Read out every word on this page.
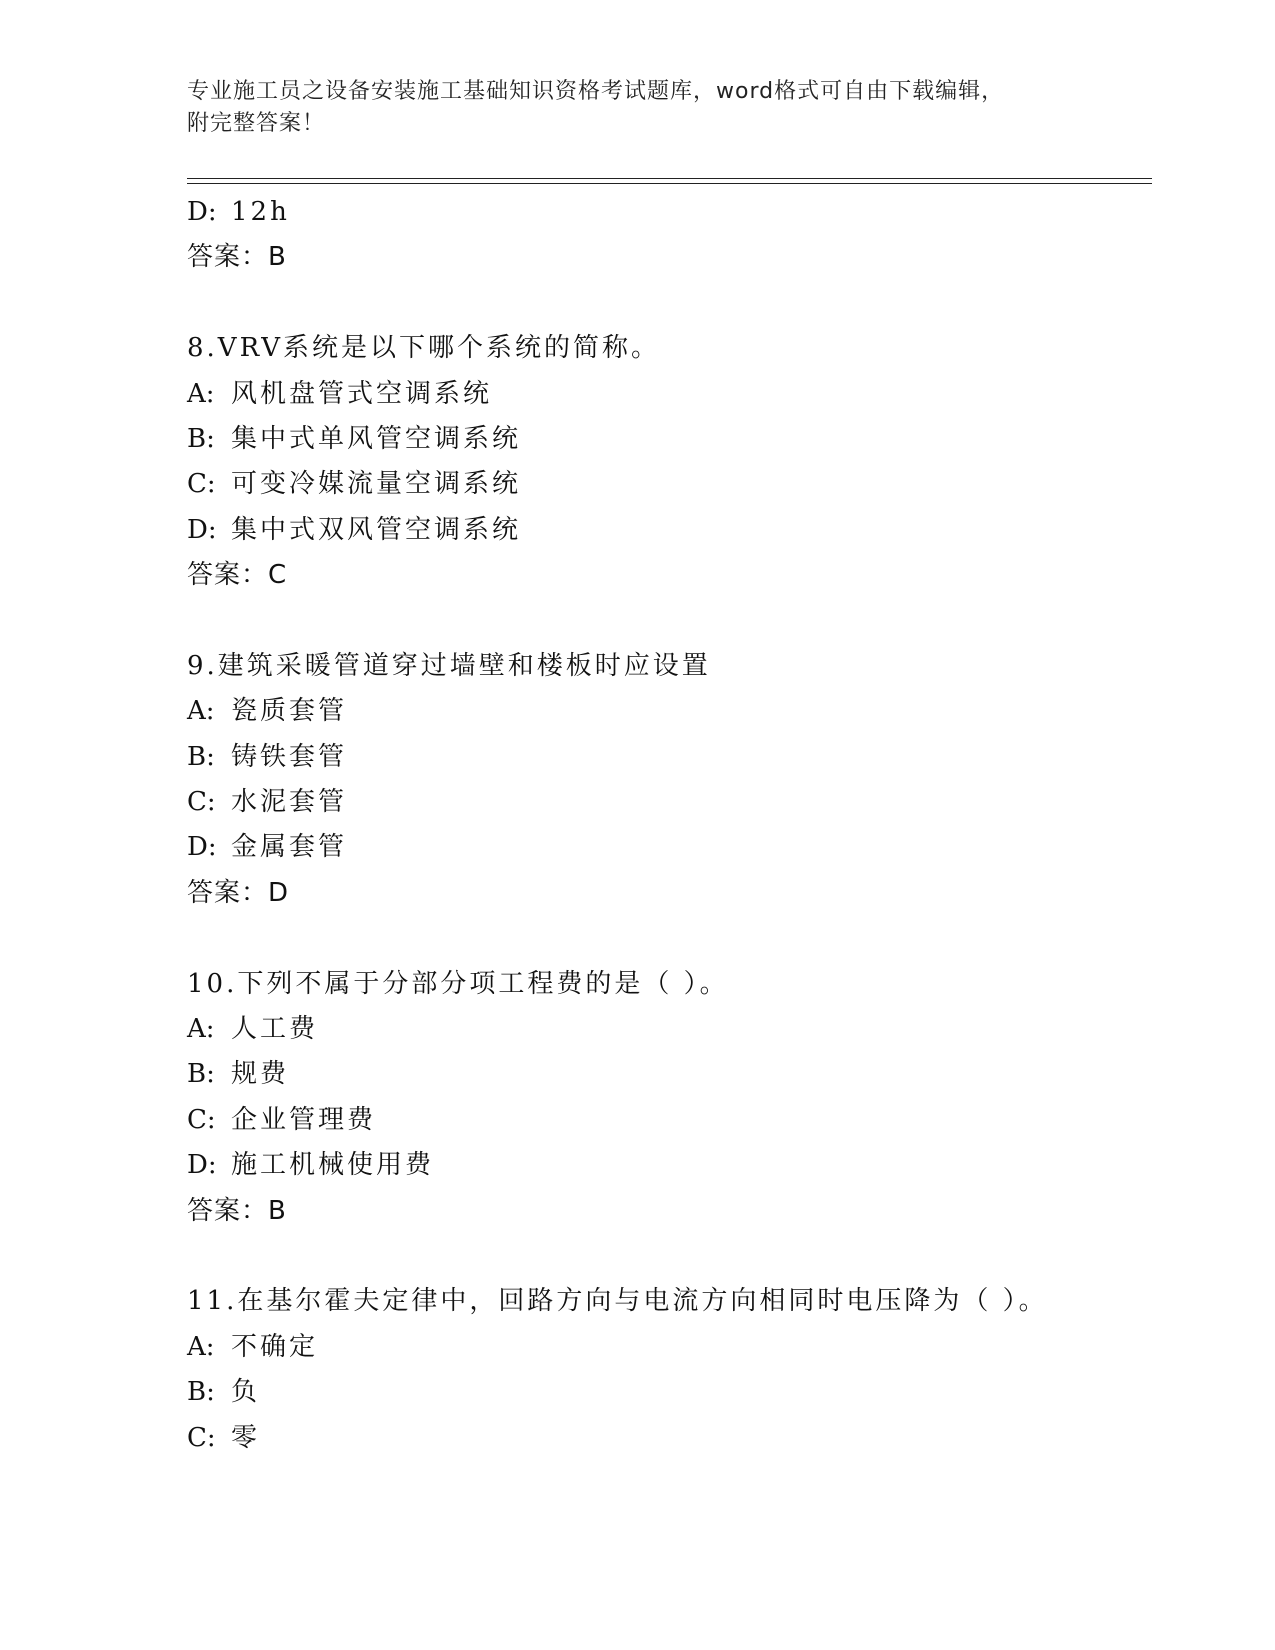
专业施工员之设备安装施工基础知识资格考试题库，word格式可自由下载编辑，
附完整答案！
D: 12h
答案：B
8.VRV系统是以下哪个系统的简称。
A: 风机盘管式空调系统
B: 集中式单风管空调系统
C: 可变冷媒流量空调系统
D: 集中式双风管空调系统
答案：C
9.建筑采暖管道穿过墙壁和楼板时应设置
A: 瓷质套管
B: 铸铁套管
C: 水泥套管
D: 金属套管
答案：D
10.下列不属于分部分项工程费的是（ ）。
A: 人工费
B: 规费
C: 企业管理费
D: 施工机械使用费
答案：B
11.在基尔霍夫定律中，回路方向与电流方向相同时电压降为（ ）。
A: 不确定
B: 负
C: 零
